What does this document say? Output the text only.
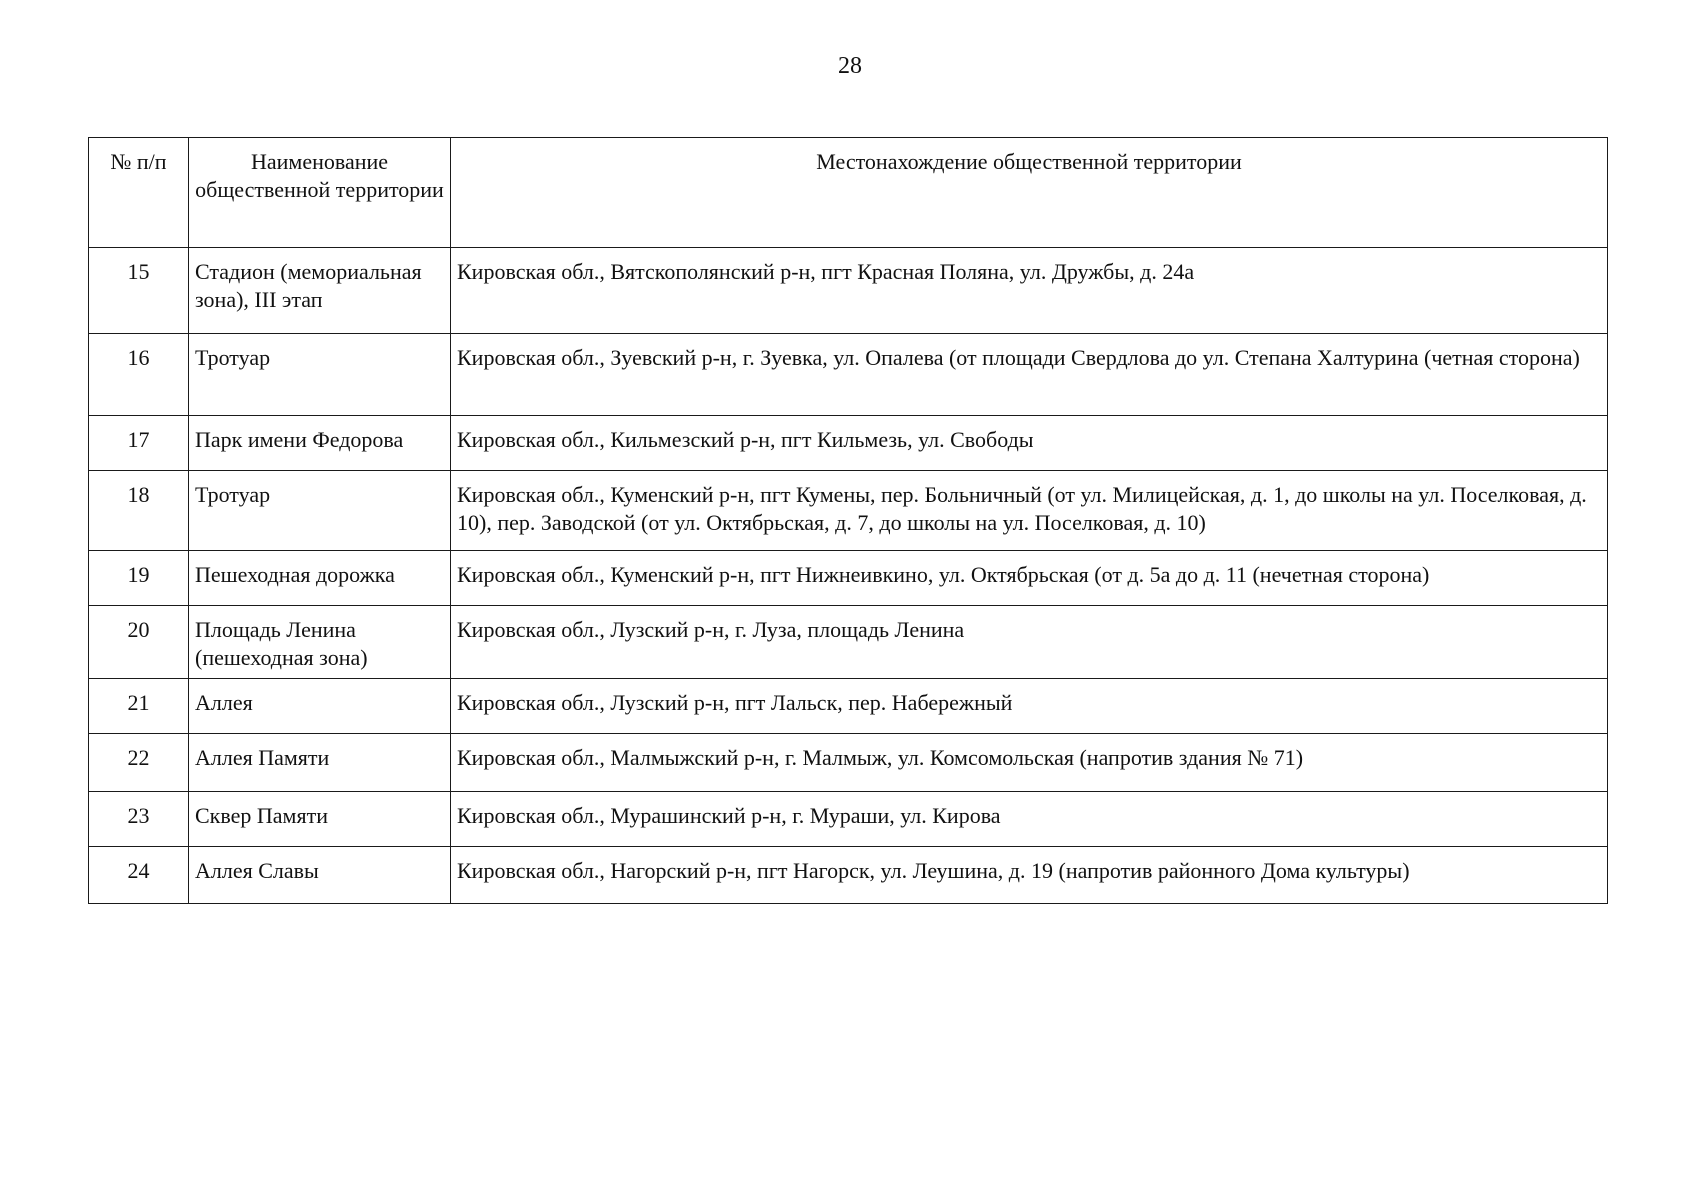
28
№ п/п	Наименование общественной территории	Местонахождение общественной территории
15	Стадион (мемориальная зона), III этап	Кировская обл., Вятскополянский р-н, пгт Красная Поляна, ул. Дружбы, д. 24а
16	Тротуар	Кировская обл., Зуевский р-н, г. Зуевка, ул. Опалева (от площади Свердлова до ул. Степана Халтурина (четная сторона)
17	Парк имени Федорова	Кировская обл., Кильмезский р-н, пгт Кильмезь, ул. Свободы
18	Тротуар	Кировская обл., Куменский р-н, пгт Кумены, пер. Больничный (от ул. Милицейская, д. 1, до школы на ул. Поселковая, д. 10), пер. Заводской (от ул. Октябрьская, д. 7, до школы на ул. Поселковая, д. 10)
19	Пешеходная дорожка	Кировская обл., Куменский р-н, пгт Нижнеивкино, ул. Октябрьская (от д. 5а до д. 11 (нечетная сторона)
20	Площадь Ленина (пешеходная зона)	Кировская обл., Лузский р-н, г. Луза, площадь Ленина
21	Аллея	Кировская обл., Лузский р-н, пгт Лальск, пер. Набережный
22	Аллея Памяти	Кировская обл., Малмыжский р-н, г. Малмыж, ул. Комсомольская (напротив здания № 71)
23	Сквер Памяти	Кировская обл., Мурашинский р-н, г. Мураши, ул. Кирова
24	Аллея Славы	Кировская обл., Нагорский р-н, пгт Нагорск, ул. Леушина, д. 19 (напротив районного Дома культуры)
